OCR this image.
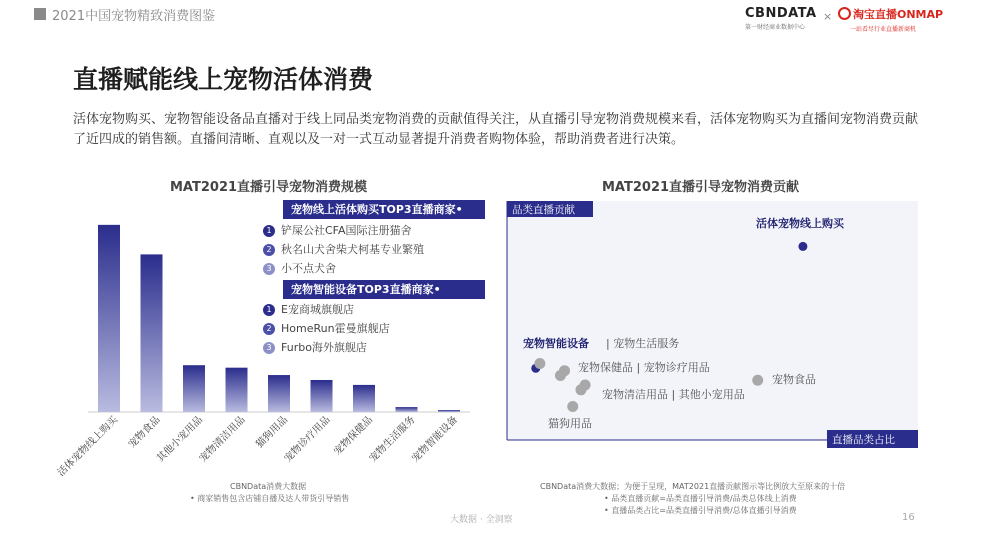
2021中国宠物精致消费图鉴	CBNDATA
第一财经商业数据中心
×	淘宝直播ONMAP
一站看尽行业直播新商机
直播赋能线上宠物活体消费
活体宠物购买、宠物智能设备品直播对于线上同品类宠物消费的贡献值得关注，从直播引导宠物消费规模来看，活体宠物购买为直播间宠物消费贡献了近四成的销售额。直播间清晰、直观以及一对一式互动显著提升消费者购物体验，帮助消费者进行决策。
MAT2021直播引导宠物消费规模
活体宠物线上购买 宠物食品
其他小宠用品
宠物清洁用品 猫狗用品
宠物诊疗用品 宠物保健品
宠物生活服务
宠物智能设备
宠物线上活体购买TOP3直播商家•
1 铲屎公社CFA国际注册猫舍
2 秋名山犬舍柴犬柯基专业繁殖
3 小不点犬舍
宠物智能设备TOP3直播商家•
1 E宠商城旗舰店
2 HomeRun霍曼旗舰店
3 Furbo海外旗舰店
MAT2021直播引导宠物消费贡献
品类直播贡献
直播品类占比
活体宠物线上购买
宠物智能设备 | 宠物生活服务
宠物保健品 | 宠物诊疗用品
宠物清洁用品 | 其他小宠用品
猫狗用品
宠物食品
CBNData消费大数据
• 商家销售包含店铺自播及达人带货引导销售
CBNData消费大数据；为便于呈现，MAT2021直播贡献图示等比例放大至原来的十倍
• 品类直播贡献=品类直播引导消费/品类总体线上消费
• 直播品类占比=品类直播引导消费/总体直播引导消费
大数据 · 全洞察	16
